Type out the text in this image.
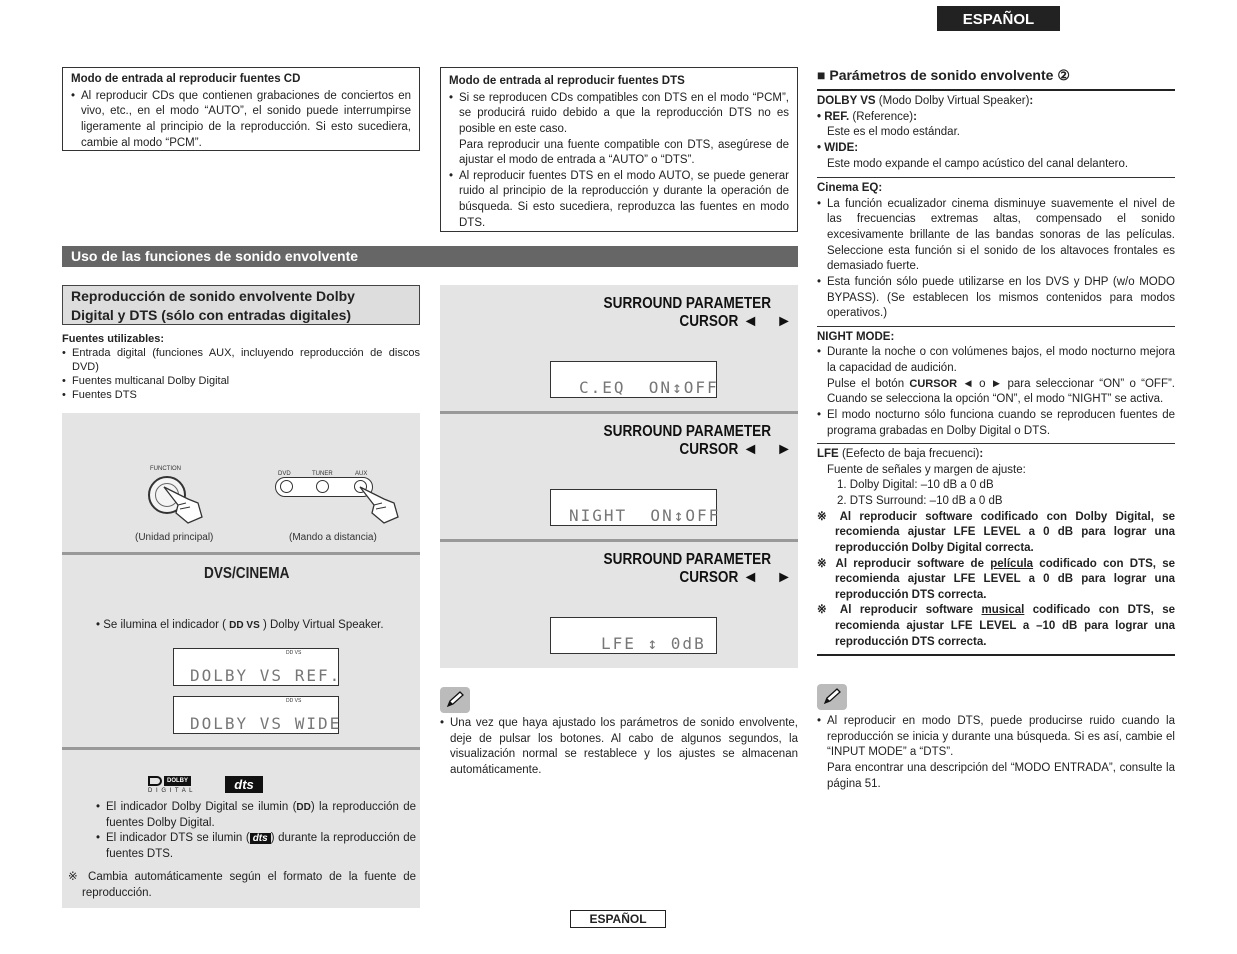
ESPAÑOL
Modo de entrada al reproducir fuentes CD

• Al reproducir CDs que contienen grabaciones de conciertos en vivo, etc., en el modo “AUTO”, el sonido puede interrumpirse ligeramente al principio de la reproducción. Si esto sucediera, cambie al modo “PCM”.

Modo de entrada al reproducir fuentes DTS

• Si se reproducen CDs compatibles con DTS en el modo “PCM”, se producirá ruido debido a que la reproducción DTS no es posible en este caso.

Para reproducir una fuente compatible con DTS, asegúrese de ajustar el modo de entrada a “AUTO” o “DTS”.

• Al reproducir fuentes DTS en el modo AUTO, se puede generar ruido al principio de la reproducción y durante la operación de búsqueda. Si esto sucediera, reproduzca las fuentes en modo DTS.

Uso de las funciones de sonido envolvente
Reproducción de sonido envolvente Dolby
Digital y DTS (sólo con entradas digitales)
Fuentes utilizables:

• Entrada digital (funciones AUX, incluyendo reproducción de discos DVD)

• Fuentes multicanal Dolby Digital

• Fuentes DTS

FUNCTION
DVD	TUNER	AUX
(Unidad principal)	(Mando a distancia)
DVS/CINEMA
• Se ilumina el indicador ( DD VS ) Dolby Virtual Speaker.

DD VS

DOLBY VS REF.

DD VS

DOLBY VS WIDE

DOLBY
D I G I T A L	dts

• El indicador Dolby Digital se ilumin (DD) la reproducción de fuentes Dolby Digital.

• El indicador DTS se ilumin ( dts ) durante la reproducción de fuentes DTS.

※ Cambia automáticamente según el formato de la fuente de reproducción.

SURROUND PARAMETER
CURSOR ◄ ►

C.EQ  ON↕OFF

SURROUND PARAMETER
CURSOR ◄ ►

NIGHT  ON↕OFF

SURROUND PARAMETER
CURSOR ◄ ►

LFE ↕ 0dB

• Una vez que haya ajustado los parámetros de sonido envolvente, deje de pulsar los botones. Al cabo de algunos segundos, la visualización normal se restablece y los ajustes se almacenan automáticamente.

■ Parámetros de sonido envolvente ②

DOLBY VS (Modo Dolby Virtual Speaker):

• REF. (Reference):

Este es el modo estándar.

• WIDE:

Este modo expande el campo acústico del canal delantero.

Cinema EQ:

• La función ecualizador cinema disminuye suavemente el nivel de las frecuencias extremas altas, compensado el sonido excesivamente brillante de las bandas sonoras de las películas. Seleccione esta función si el sonido de los altavoces frontales es demasiado fuerte.

• Esta función sólo puede utilizarse en los DVS y DHP (w/o MODO BYPASS). (Se establecen los mismos contenidos para modos operativos.)

NIGHT MODE:

• Durante la noche o con volúmenes bajos, el modo nocturno mejora la capacidad de audición.

Pulse el botón CURSOR ◄ o ► para seleccionar “ON” o “OFF”. Cuando se selecciona la opción “ON”, el modo “NIGHT” se activa.

• El modo nocturno sólo funciona cuando se reproducen fuentes de programa grabadas en Dolby Digital o DTS.

LFE (Eefecto de baja frecuenci):

Fuente de señales y margen de ajuste:

1. Dolby Digital: –10 dB a 0 dB

2. DTS Surround: –10 dB a 0 dB

※ Al reproducir software codificado con Dolby Digital, se recomienda ajustar LFE LEVEL a 0 dB para lograr una reproducción Dolby Digital correcta.

※ Al reproducir software de película codificado con DTS, se recomienda ajustar LFE LEVEL a 0 dB para lograr una reproducción DTS correcta.

※ Al reproducir software musical codificado con DTS, se recomienda ajustar LFE LEVEL a –10 dB para lograr una reproducción DTS correcta.

• Al reproducir en modo DTS, puede producirse ruido cuando la reproducción se inicia y durante una búsqueda. Si es así, cambie el “INPUT MODE” a “DTS”.

Para encontrar una descripción del “MODO ENTRADA”, consulte la página 51.

ESPAÑOL
